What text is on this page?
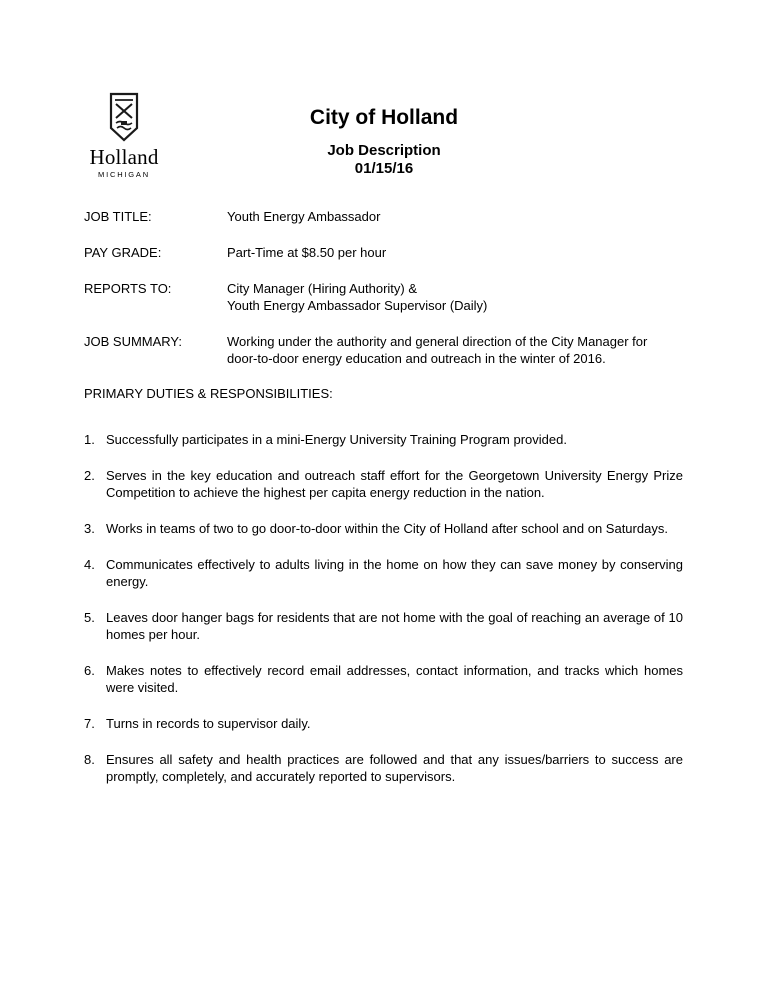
Holland
MICHIGAN
City of Holland
Job Description
01/15/16
JOB TITLE:	Youth Energy Ambassador
PAY GRADE:	Part-Time at $8.50 per hour
REPORTS TO:	City Manager (Hiring Authority) &
Youth Energy Ambassador Supervisor (Daily)
JOB SUMMARY:	Working under the authority and general direction of the City Manager for
door-to-door energy education and outreach in the winter of 2016.
PRIMARY DUTIES & RESPONSIBILITIES:
1. Successfully participates in a mini-Energy University Training Program provided.
2. Serves in the key education and outreach staff effort for the Georgetown University Energy Prize Competition to achieve the highest per capita energy reduction in the nation.
3. Works in teams of two to go door-to-door within the City of Holland after school and on Saturdays.
4. Communicates effectively to adults living in the home on how they can save money by conserving energy.
5. Leaves door hanger bags for residents that are not home with the goal of reaching an average of 10 homes per hour.
6. Makes notes to effectively record email addresses, contact information, and tracks which homes were visited.
7. Turns in records to supervisor daily.
8. Ensures all safety and health practices are followed and that any issues/barriers to success are promptly, completely, and accurately reported to supervisors.
